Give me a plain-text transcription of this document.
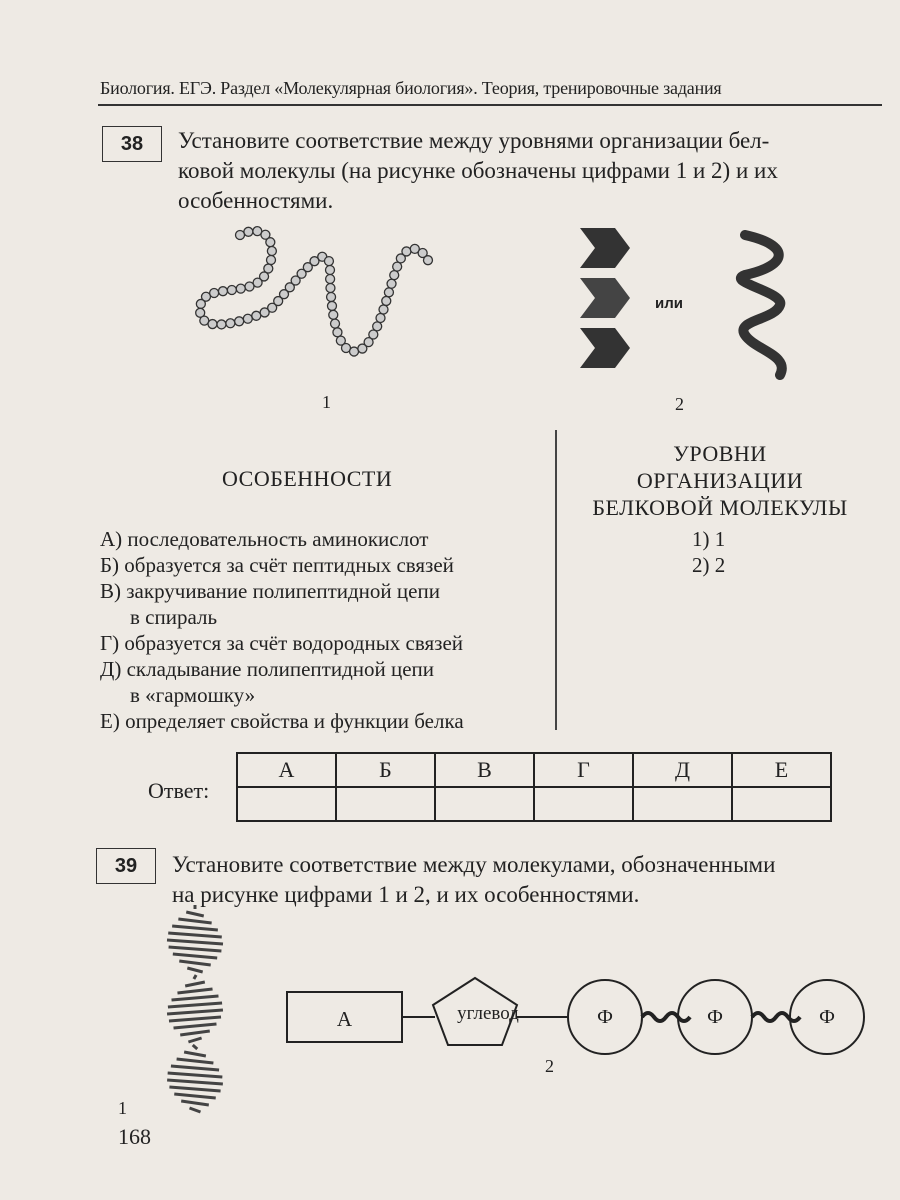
Биология. ЕГЭ. Раздел «Молекулярная биология». Теория, тренировочные задания
38	Установите соответствие между уровнями организации бел-
ковой молекулы (на рисунке обозначены цифрами 1 и 2) и их
особенностями.
1
или
2
ОСОБЕННОСТИ
УРОВНИ
ОРГАНИЗАЦИИ
БЕЛКОВОЙ МОЛЕКУЛЫ
А) последовательность аминокислот
Б) образуется за счёт пептидных связей
В) закручивание полипептидной цепи
в спираль
Г) образуется за счёт водородных связей
Д) складывание полипептидной цепи
в «гармошку»
Е) определяет свойства и функции белка
1) 1
2) 2
Ответ:
А	Б	В	Г	Д	Е

39	Установите соответствие между молекулами, обозначенными
на рисунке цифрами 1 и 2, и их особенностями.
1
А	углевод	Ф	Ф	Ф
2
168
